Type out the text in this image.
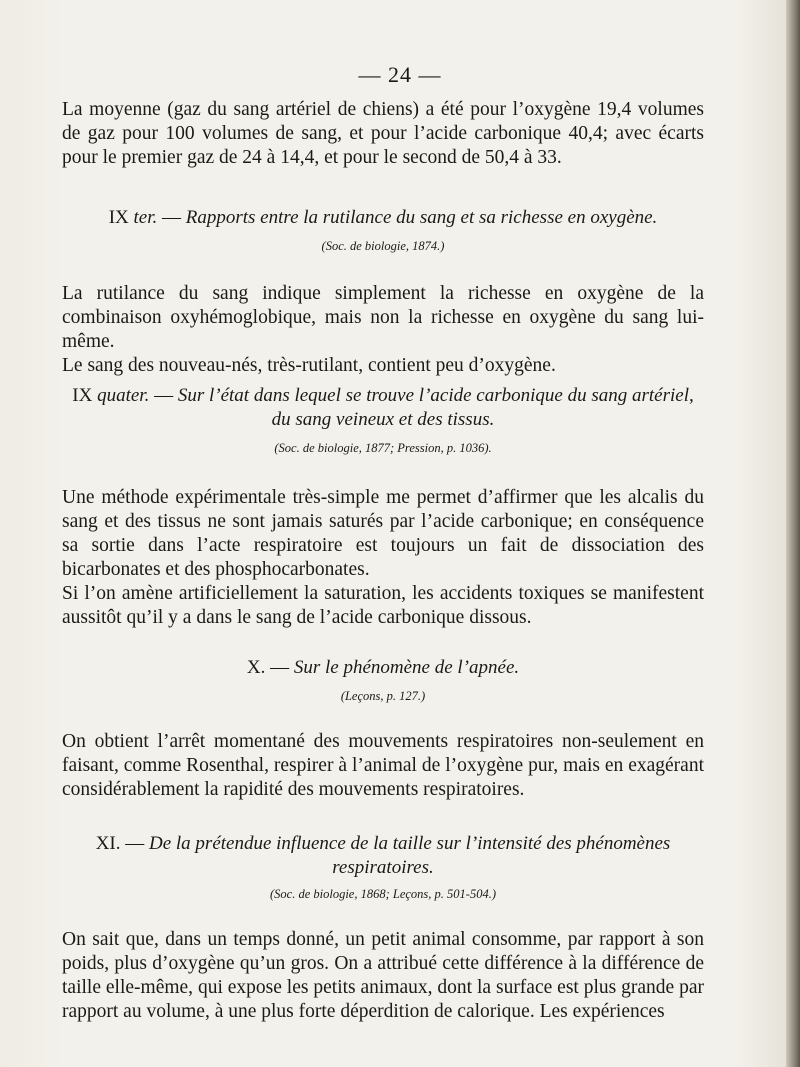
— 24 —

La moyenne (gaz du sang artériel de chiens) a été pour l’oxygène 19,4 volumes de gaz pour 100 volumes de sang, et pour l’acide carbonique 40,4; avec écarts pour le premier gaz de 24 à 14,4, et pour le second de 50,4 à 33.

IX ter. — Rapports entre la rutilance du sang et sa richesse en oxygène.
(Soc. de biologie, 1874.)

La rutilance du sang indique simplement la richesse en oxygène de la combinaison oxyhémoglobique, mais non la richesse en oxygène du sang lui-même.

Le sang des nouveau-nés, très-rutilant, contient peu d’oxygène.

IX quater. — Sur l’état dans lequel se trouve l’acide carbonique du sang artériel, du sang veineux et des tissus.
(Soc. de biologie, 1877; Pression, p. 1036).

Une méthode expérimentale très-simple me permet d’affirmer que les alcalis du sang et des tissus ne sont jamais saturés par l’acide carbonique; en conséquence sa sortie dans l’acte respiratoire est toujours un fait de dissociation des bicarbonates et des phosphocarbonates.

Si l’on amène artificiellement la saturation, les accidents toxiques se manifestent aussitôt qu’il y a dans le sang de l’acide carbonique dissous.

X. — Sur le phénomène de l’apnée.
(Leçons, p. 127.)

On obtient l’arrêt momentané des mouvements respiratoires non-seulement en faisant, comme Rosenthal, respirer à l’animal de l’oxygène pur, mais en exagérant considérablement la rapidité des mouvements respiratoires.

XI. — De la prétendue influence de la taille sur l’intensité des phénomènes respiratoires.
(Soc. de biologie, 1868; Leçons, p. 501-504.)

On sait que, dans un temps donné, un petit animal consomme, par rapport à son poids, plus d’oxygène qu’un gros. On a attribué cette différence à la différence de taille elle-même, qui expose les petits animaux, dont la surface est plus grande par rapport au volume, à une plus forte déperdition de calorique. Les expériences
